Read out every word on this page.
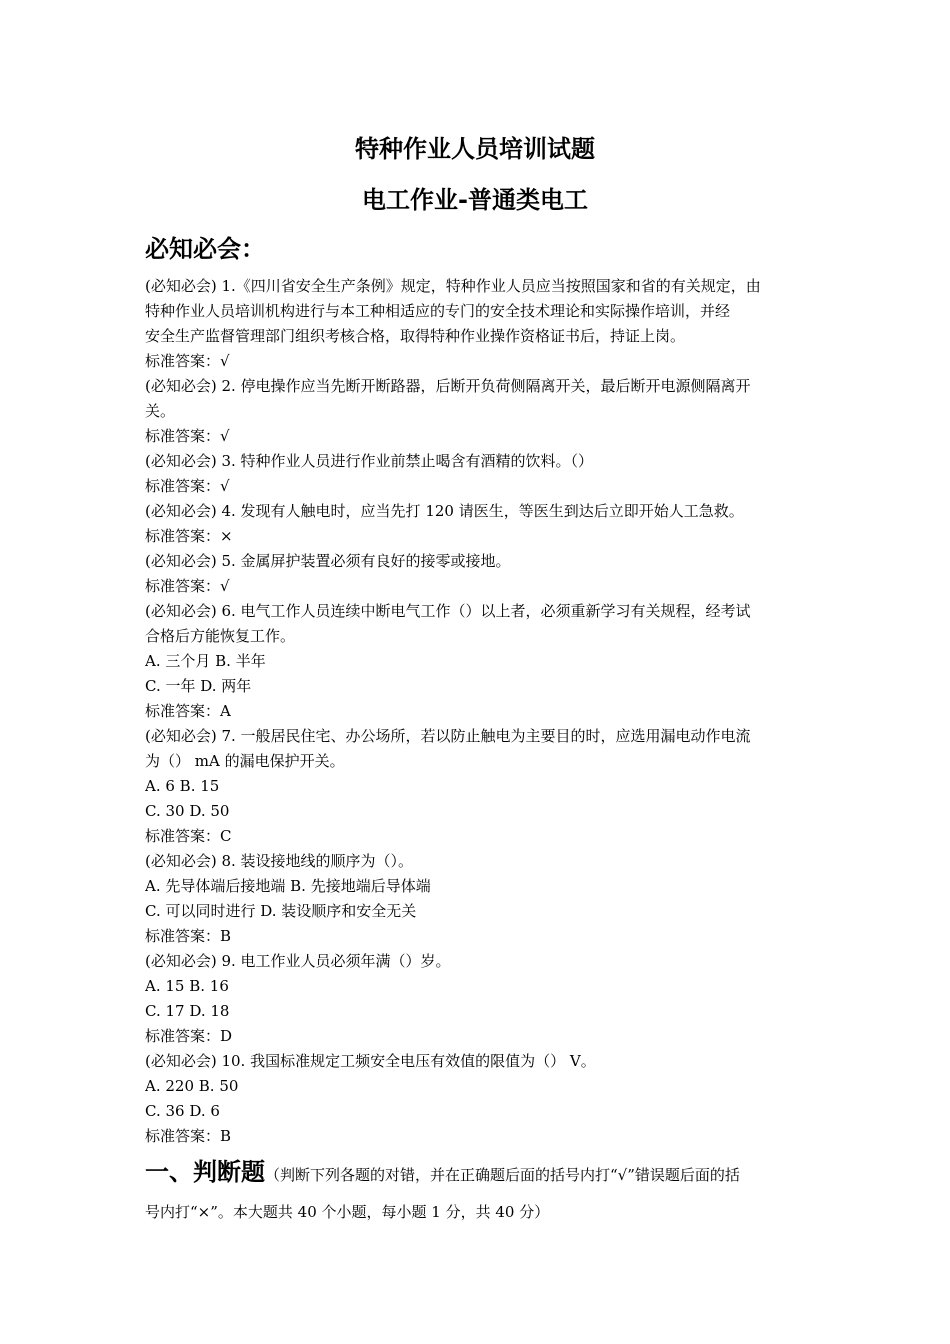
特种作业人员培训试题
电工作业-普通类电工
必知必会：
(必知必会) 1.《四川省安全生产条例》规定，特种作业人员应当按照国家和省的有关规定，由
特种作业人员培训机构进行与本工种相适应的专门的安全技术理论和实际操作培训，并经
安全生产监督管理部门组织考核合格，取得特种作业操作资格证书后，持证上岗。
标准答案：√
(必知必会) 2. 停电操作应当先断开断路器，后断开负荷侧隔离开关，最后断开电源侧隔离开
关。
标准答案：√
(必知必会) 3. 特种作业人员进行作业前禁止喝含有酒精的饮料。（）
标准答案：√
(必知必会) 4. 发现有人触电时，应当先打 120 请医生，等医生到达后立即开始人工急救。
标准答案：×
(必知必会) 5. 金属屏护装置必须有良好的接零或接地。
标准答案：√
(必知必会) 6. 电气工作人员连续中断电气工作（）以上者，必须重新学习有关规程，经考试
合格后方能恢复工作。
A. 三个月 B. 半年
C. 一年 D. 两年
标准答案：A
(必知必会) 7. 一般居民住宅、办公场所，若以防止触电为主要目的时，应选用漏电动作电流
为（） mA 的漏电保护开关。
A. 6 B. 15
C. 30 D. 50
标准答案：C
(必知必会) 8. 装设接地线的顺序为（）。
A. 先导体端后接地端 B. 先接地端后导体端
C. 可以同时进行 D. 装设顺序和安全无关
标准答案：B
(必知必会) 9. 电工作业人员必须年满（）岁。
A. 15 B. 16
C. 17 D. 18
标准答案：D
(必知必会) 10. 我国标准规定工频安全电压有效值的限值为（） V。
A. 220 B. 50
C. 36 D. 6
标准答案：B
一、判断题（判断下列各题的对错，并在正确题后面的括号内打“√”错误题后面的括
号内打“×”。本大题共 40 个小题，每小题 1 分，共 40 分）
